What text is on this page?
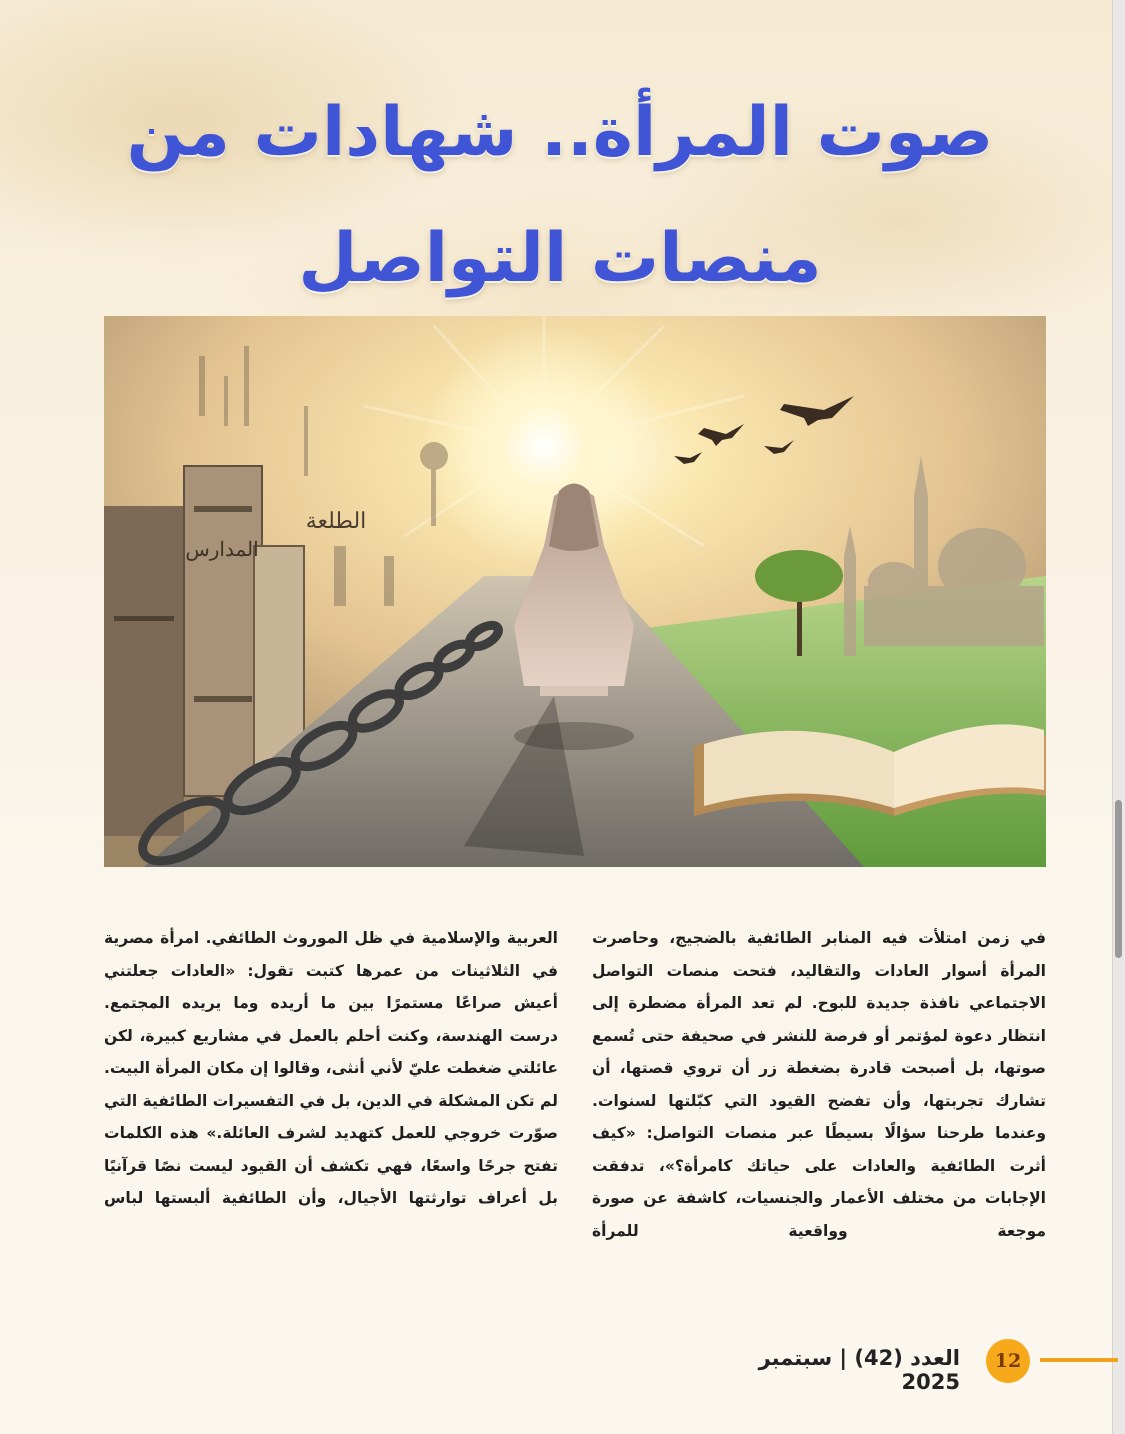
صوت المرأة.. شهادات من منصات التواصل
المدارس
الطلعة

في زمن امتلأت فيه المنابر الطائفية بالضجيج، وحاصرت المرأة أسوار العادات والتقاليد، فتحت منصات التواصل الاجتماعي نافذة جديدة للبوح. لم تعد المرأة مضطرة إلى انتظار دعوة لمؤتمر أو فرصة للنشر في صحيفة حتى تُسمع صوتها، بل أصبحت قادرة بضغطة زر أن تروي قصتها، أن تشارك تجربتها، وأن تفضح القيود التي كبّلتها لسنوات. وعندما طرحنا سؤالًا بسيطًا عبر منصات التواصل: «كيف أثرت الطائفية والعادات على حياتك كامرأة؟»، تدفقت الإجابات من مختلف الأعمار والجنسيات، كاشفة عن صورة موجعة وواقعية للمرأة

العربية والإسلامية في ظل الموروث الطائفي. امرأة مصرية في الثلاثينات من عمرها كتبت تقول: «العادات جعلتني أعيش صراعًا مستمرًا بين ما أريده وما يريده المجتمع. درست الهندسة، وكنت أحلم بالعمل في مشاريع كبيرة، لكن عائلتي ضغطت عليّ لأني أنثى، وقالوا إن مكان المرأة البيت. لم تكن المشكلة في الدين، بل في التفسيرات الطائفية التي صوّرت خروجي للعمل كتهديد لشرف العائلة.» هذه الكلمات تفتح جرحًا واسعًا، فهي تكشف أن القيود ليست نصًا قرآنيًا بل أعراف توارثتها الأجيال، وأن الطائفية ألبستها لباس

12
العدد (42) | سبتمبر 2025
